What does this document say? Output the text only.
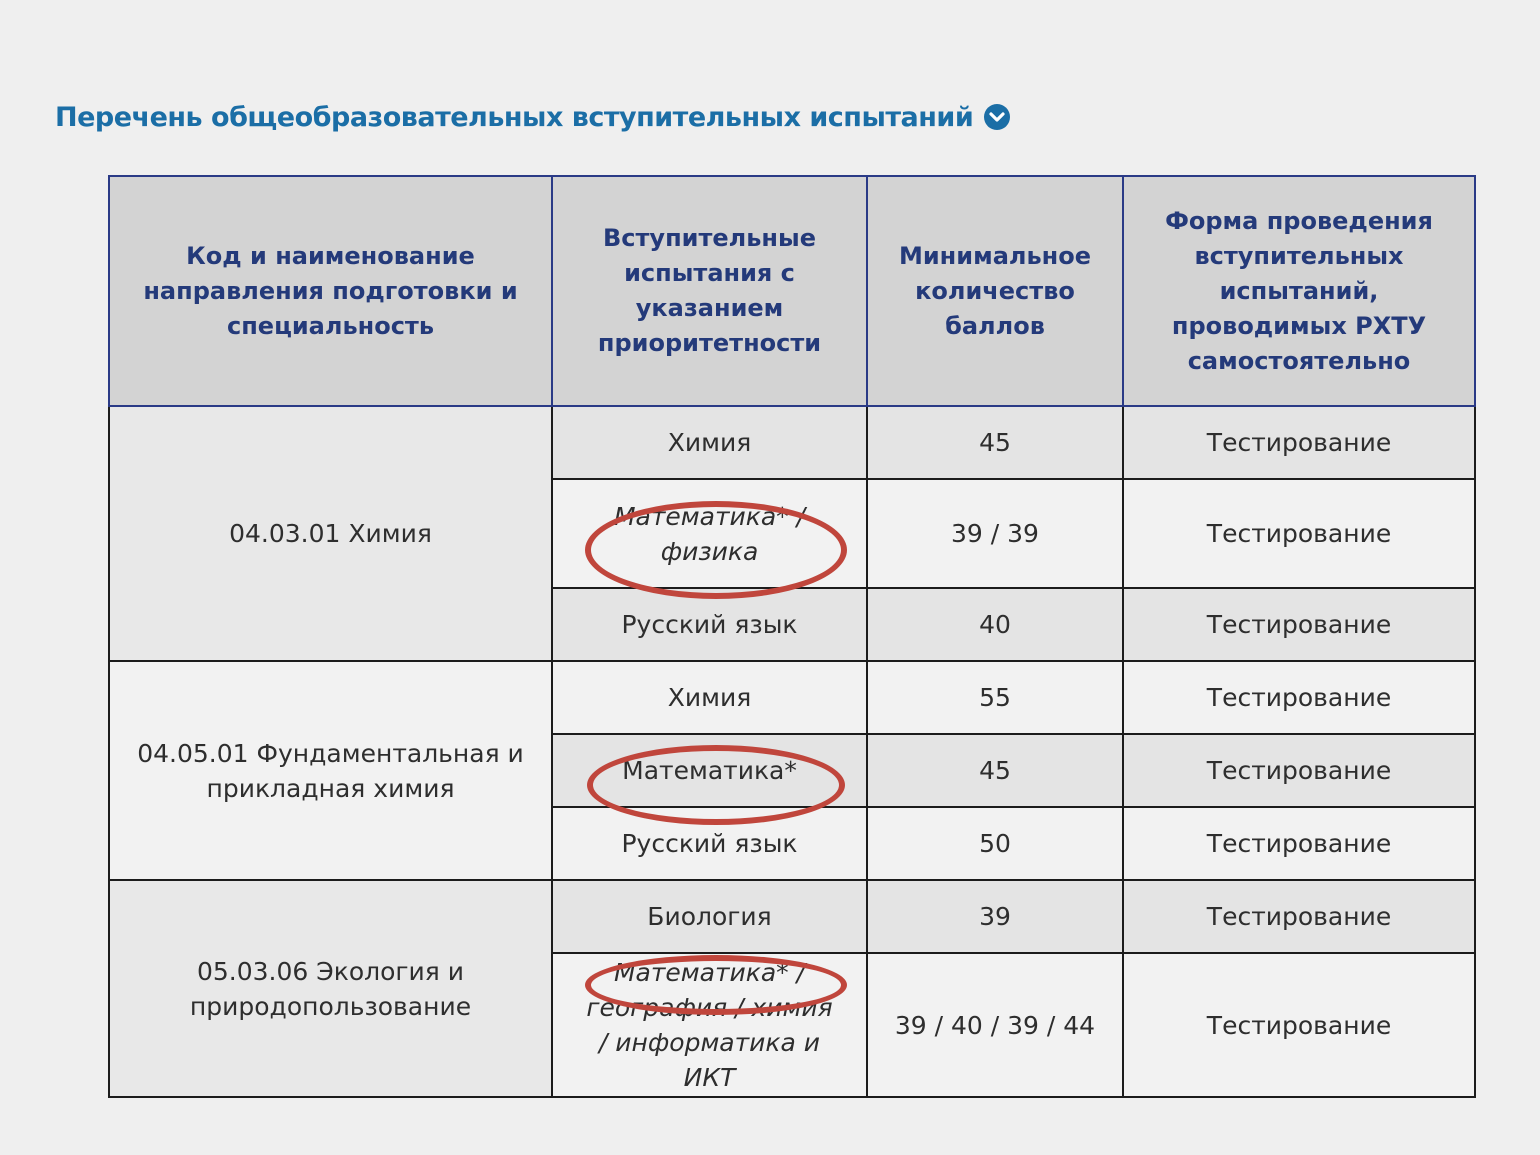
Перечень общеобразовательных вступительных испытаний
Код и наименование направления подготовки и специальность	Вступительные испытания с указанием приоритетности	Минимальное количество баллов	Форма проведения вступительных испытаний, проводимых РХТУ самостоятельно
04.03.01 Химия	Химия	45	Тестирование

	Математика* / физика	39 / 39	Тестирование
	Русский язык	40	Тестирование
04.05.01 Фундаментальная и прикладная химия	Химия	55	Тестирование

	Математика*	45	Тестирование
	Русский язык	50	Тестирование
05.03.06 Экология и природопользование	Биология	39	Тестирование

	Математика* / география / химия / информатика и ИКТ	39 / 40 / 39 / 44	Тестирование
